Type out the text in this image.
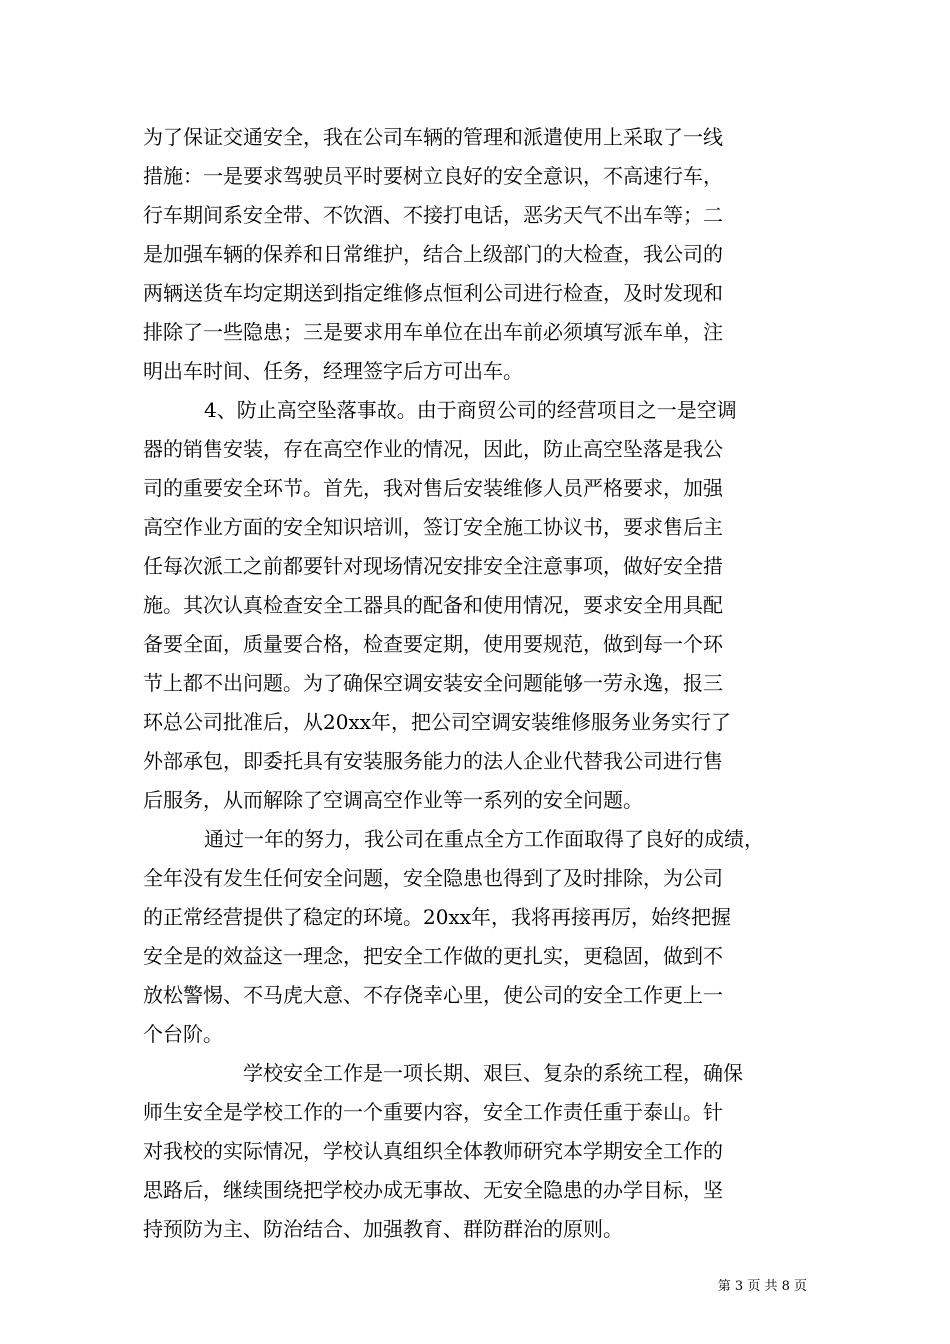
为了保证交通安全，我在公司车辆的管理和派遣使用上采取了一线
措施：一是要求驾驶员平时要树立良好的安全意识，不高速行车，
行车期间系安全带、不饮酒、不接打电话，恶劣天气不出车等；二
是加强车辆的保养和日常维护，结合上级部门的大检查，我公司的
两辆送货车均定期送到指定维修点恒利公司进行检查，及时发现和
排除了一些隐患；三是要求用车单位在出车前必须填写派车单，注
明出车时间、任务，经理签字后方可出车。
4、防止高空坠落事故。由于商贸公司的经营项目之一是空调
器的销售安装，存在高空作业的情况，因此，防止高空坠落是我公
司的重要安全环节。首先，我对售后安装维修人员严格要求，加强
高空作业方面的安全知识培训，签订安全施工协议书，要求售后主
任每次派工之前都要针对现场情况安排安全注意事项，做好安全措
施。其次认真检查安全工器具的配备和使用情况，要求安全用具配
备要全面，质量要合格，检查要定期，使用要规范，做到每一个环
节上都不出问题。为了确保空调安装安全问题能够一劳永逸，报三
环总公司批准后，从20xx年，把公司空调安装维修服务业务实行了
外部承包，即委托具有安装服务能力的法人企业代替我公司进行售
后服务，从而解除了空调高空作业等一系列的安全问题。
通过一年的努力，我公司在重点全方工作面取得了良好的成绩，
全年没有发生任何安全问题，安全隐患也得到了及时排除，为公司
的正常经营提供了稳定的环境。20xx年，我将再接再厉，始终把握
安全是的效益这一理念，把安全工作做的更扎实，更稳固，做到不
放松警惕、不马虎大意、不存侥幸心里，使公司的安全工作更上一
个台阶。
学校安全工作是一项长期、艰巨、复杂的系统工程，确保
师生安全是学校工作的一个重要内容，安全工作责任重于泰山。针
对我校的实际情况，学校认真组织全体教师研究本学期安全工作的
思路后，继续围绕把学校办成无事故、无安全隐患的办学目标，坚
持预防为主、防治结合、加强教育、群防群治的原则。
第 3 页 共 8 页
